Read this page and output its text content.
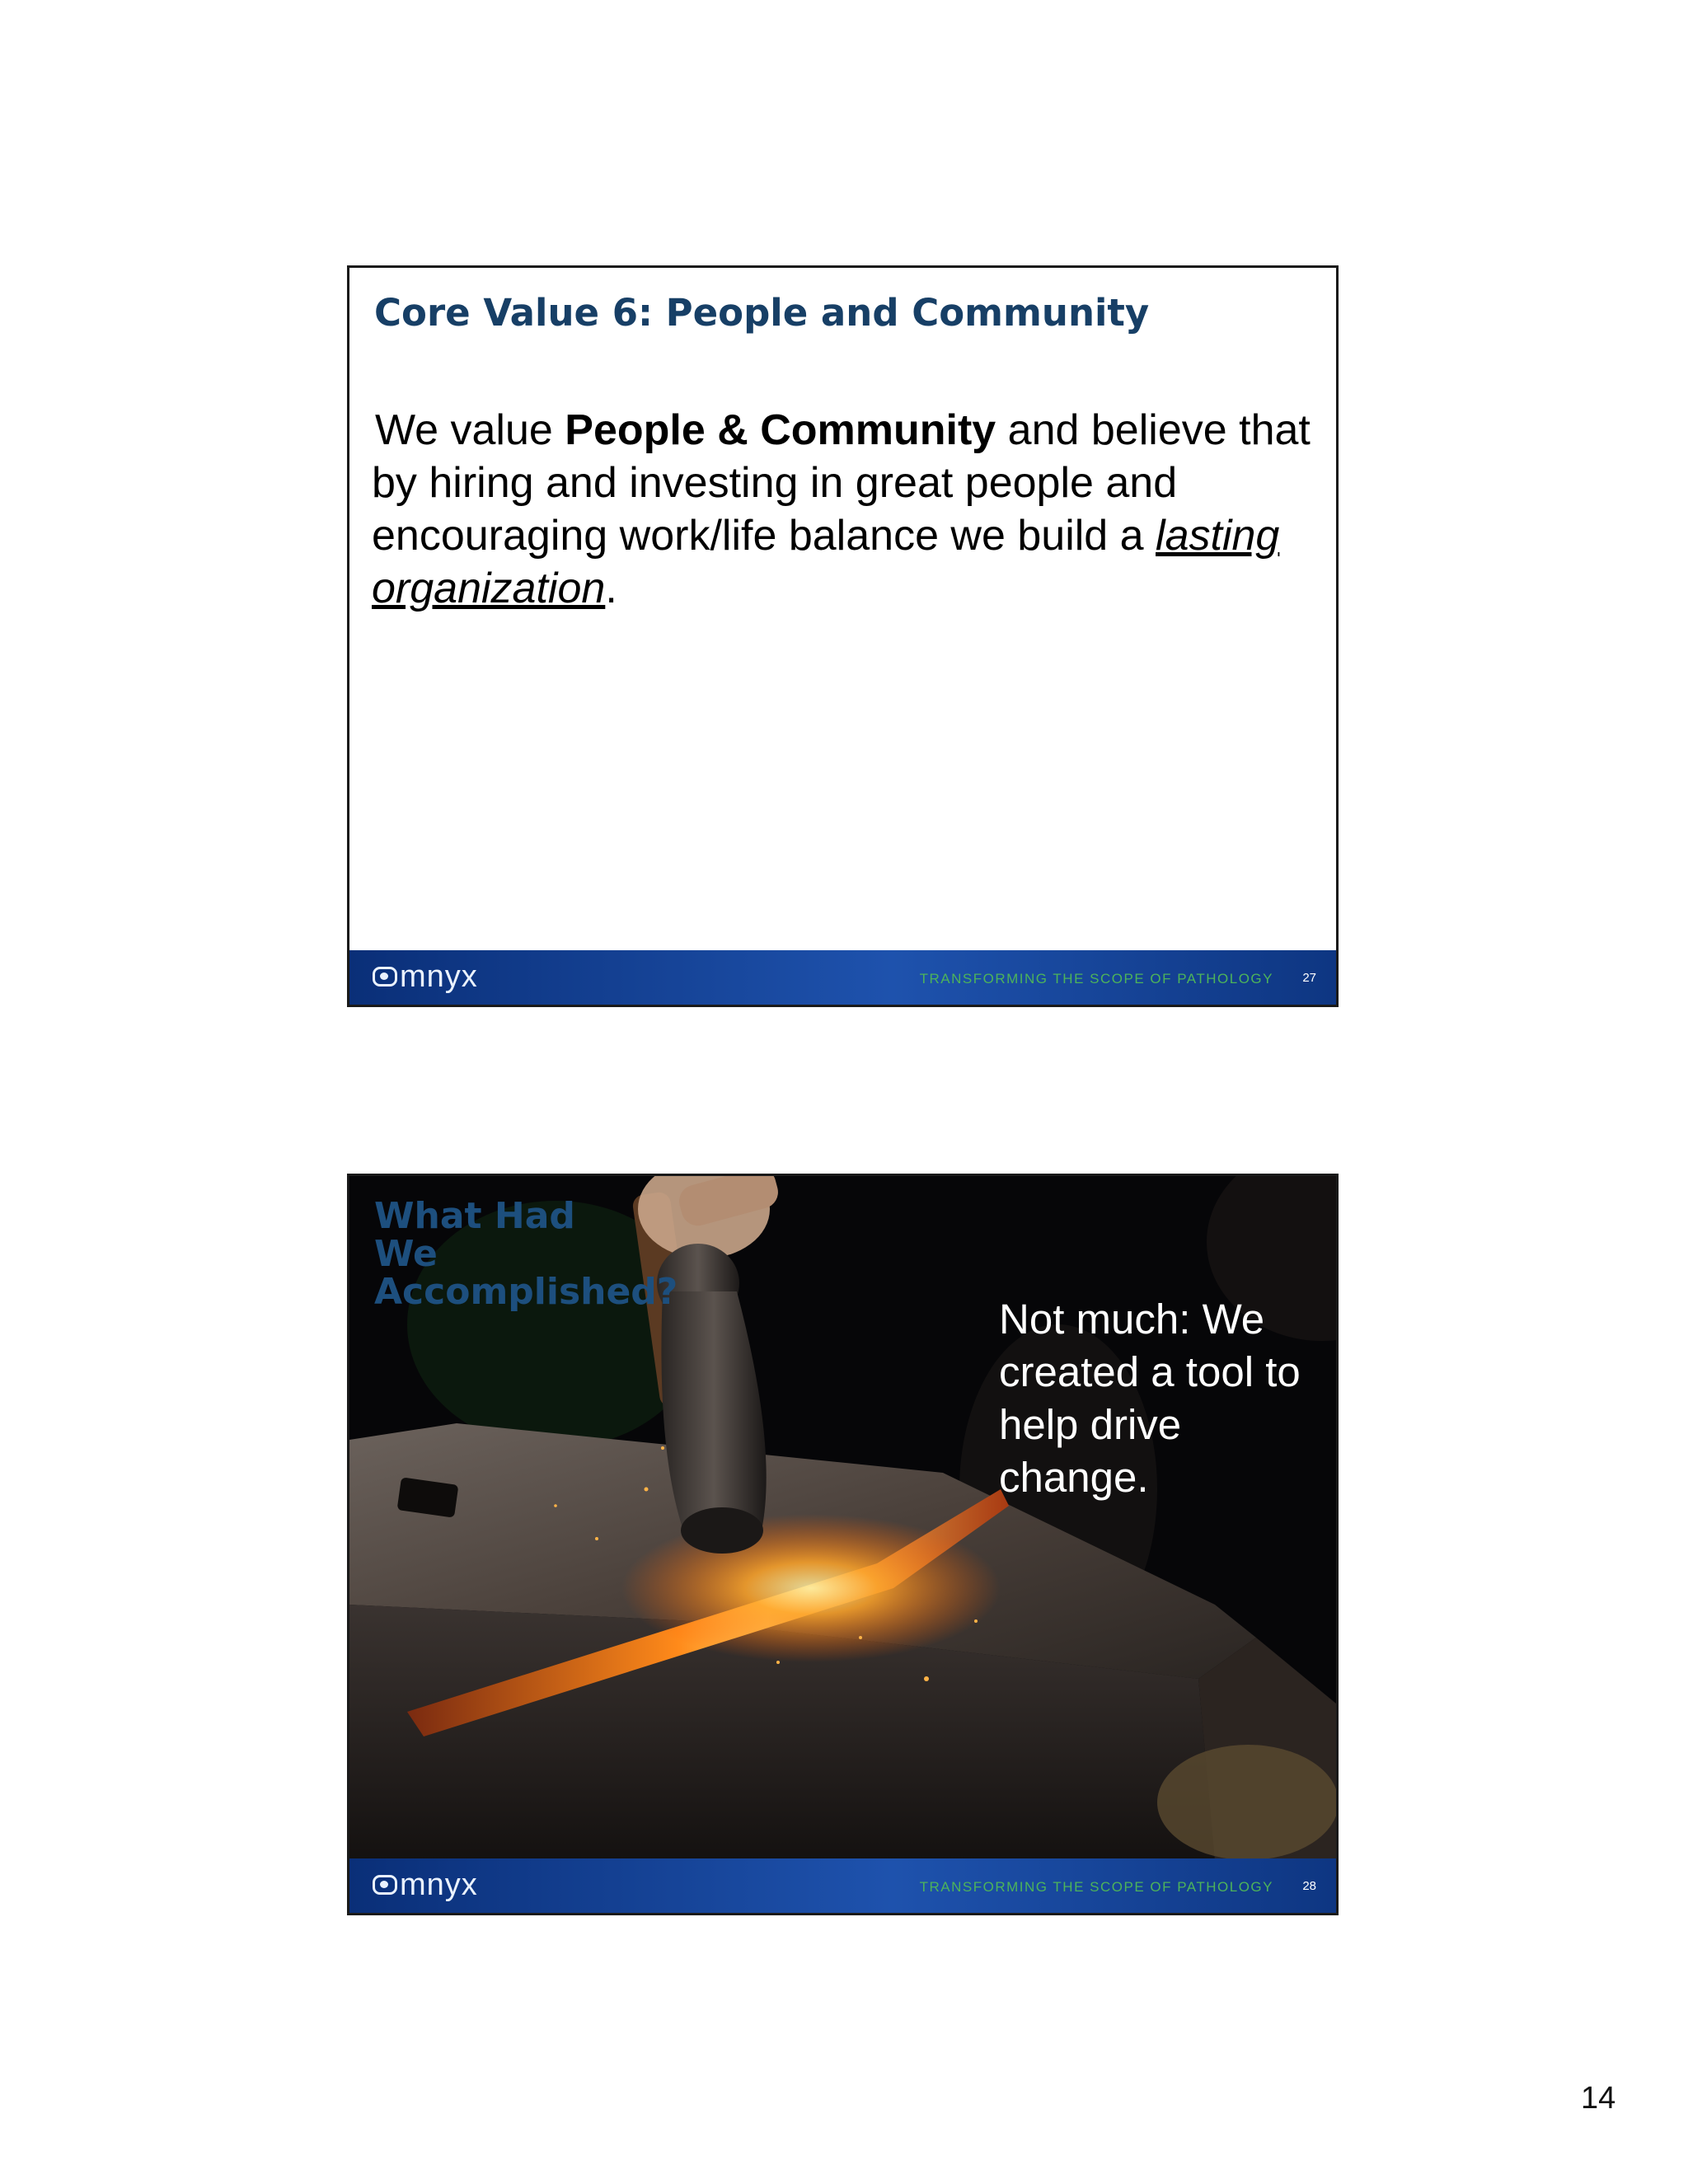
Core Value 6: People and Community

We value People & Community and believe that by hiring and investing in great people and encouraging work/life balance we build a lasting organization.

mnyx	TRANSFORMING THE SCOPE OF PATHOLOGY 27
What Had
We
Accomplished?

Not much: We created a tool to help drive change.

mnyx	TRANSFORMING THE SCOPE OF PATHOLOGY 28
14
